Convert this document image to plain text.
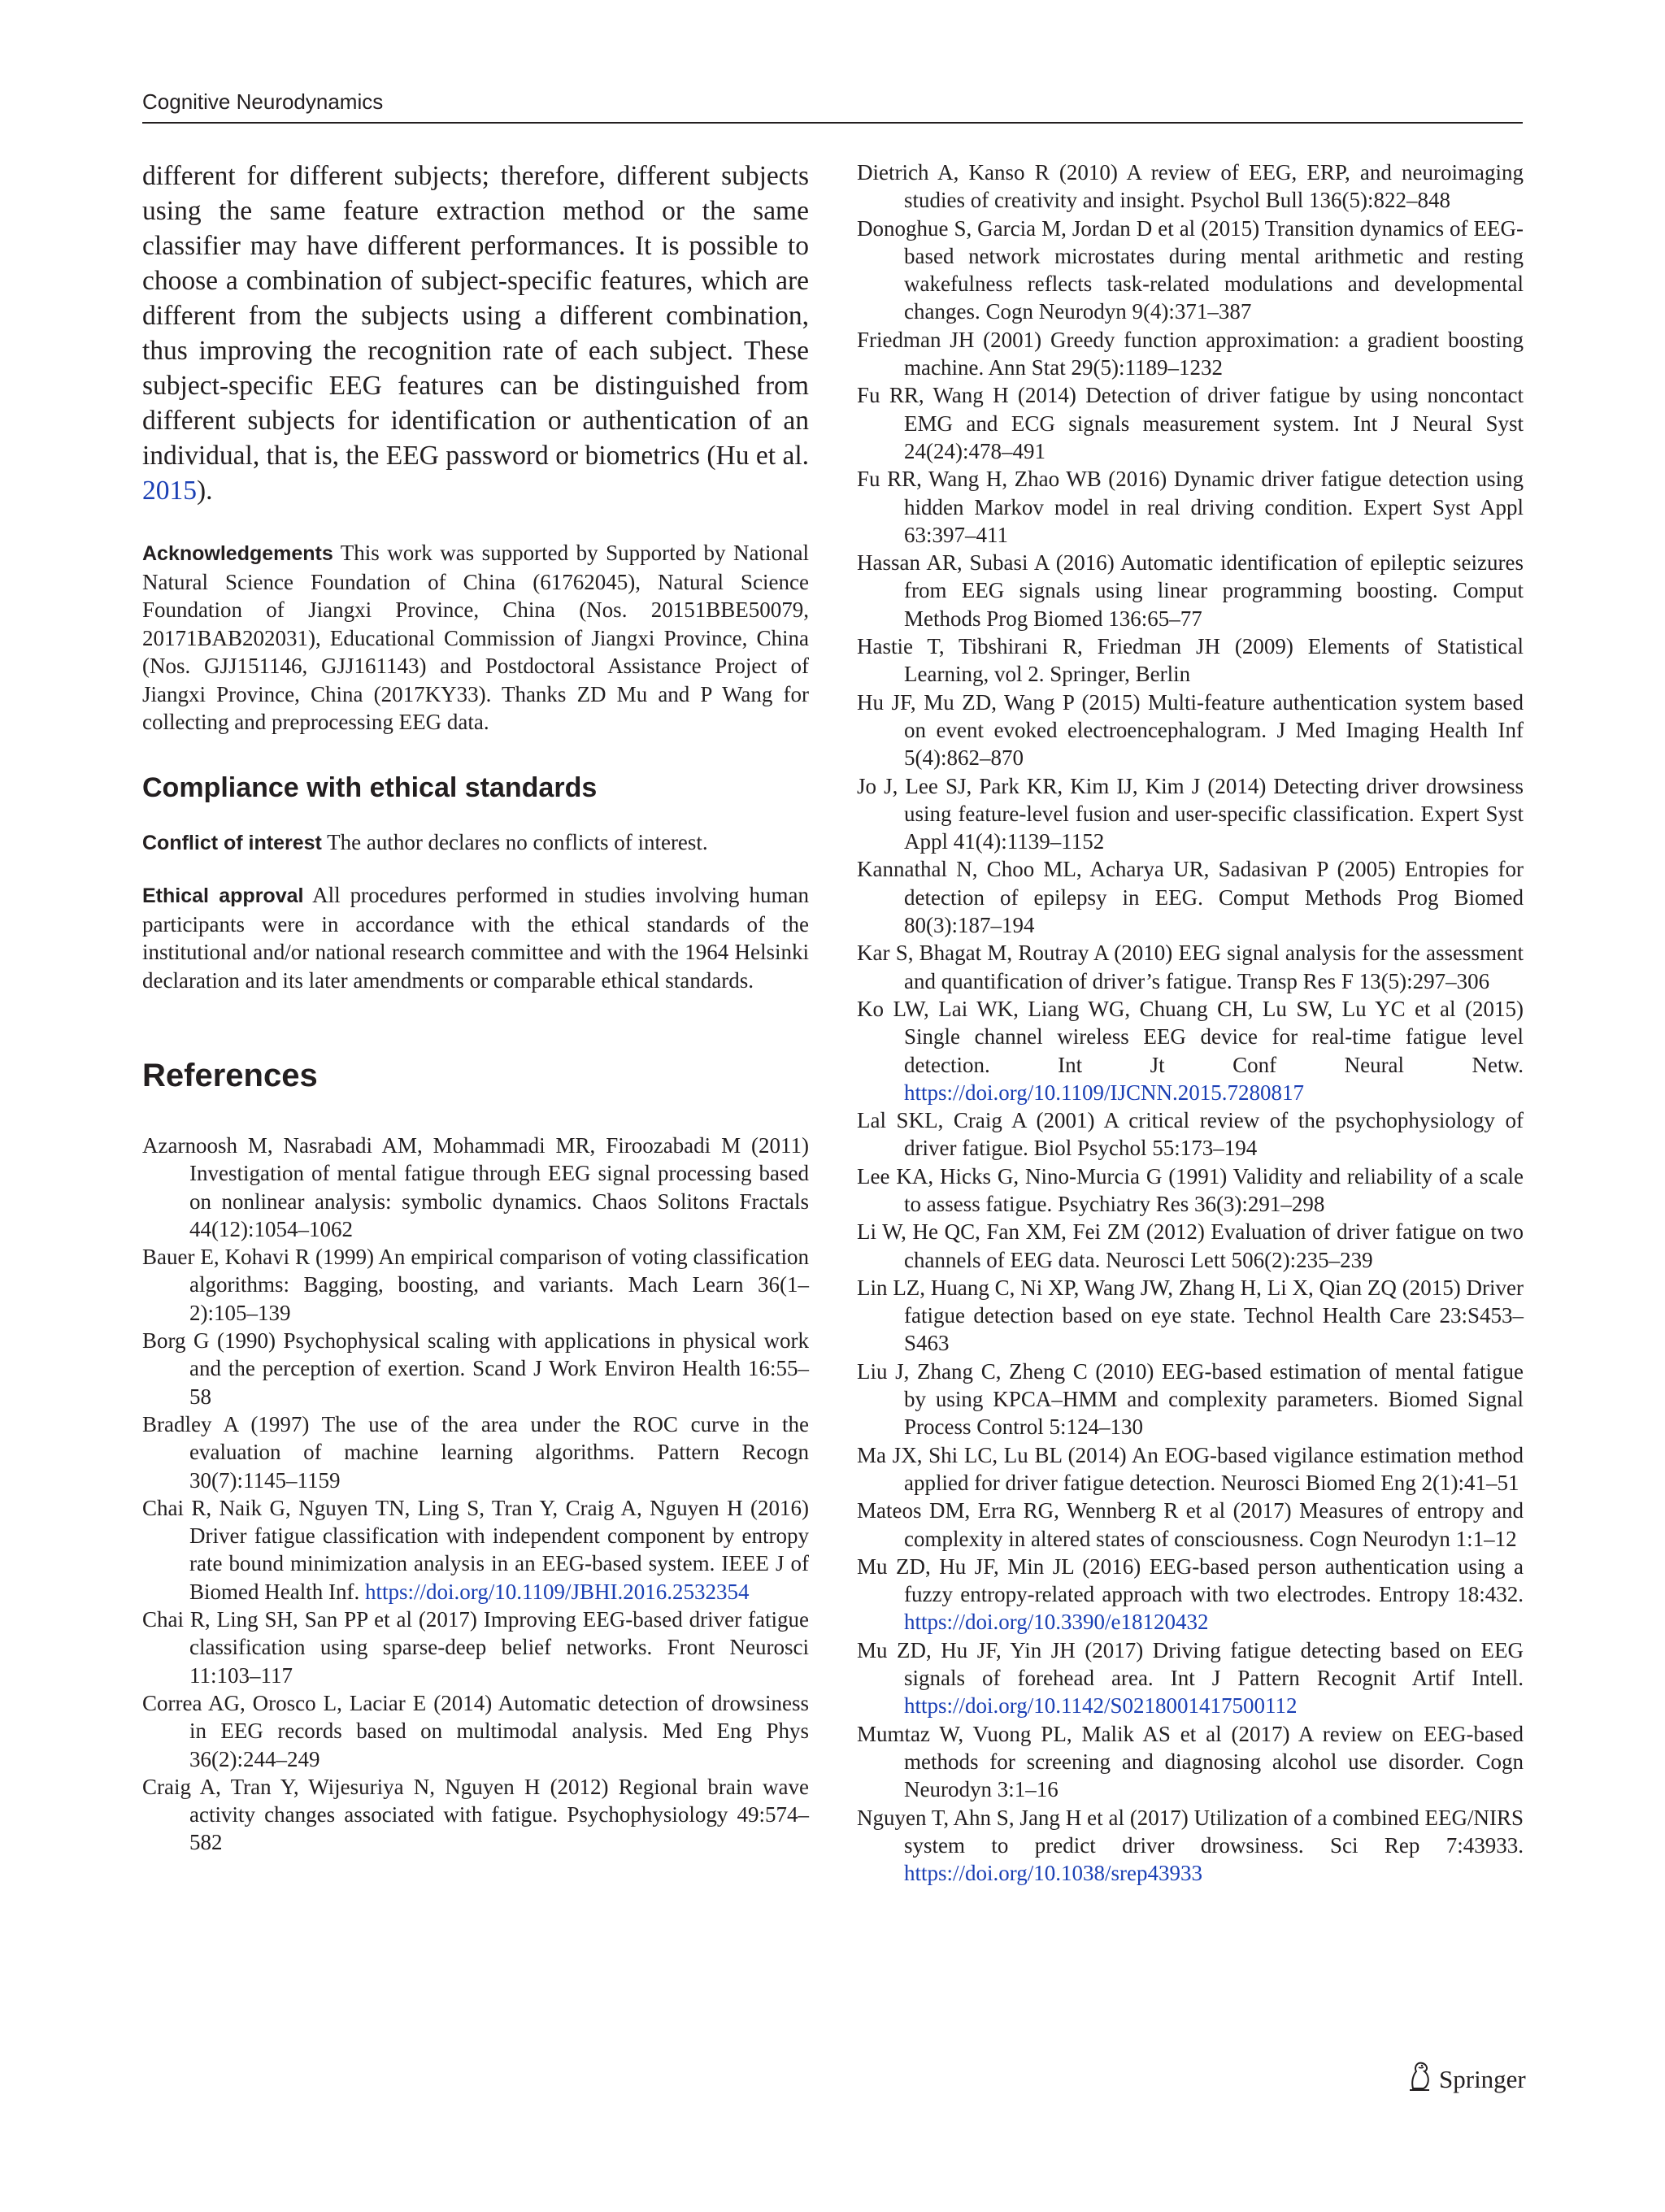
Cognitive Neurodynamics

different for different subjects; therefore, different subjects using the same feature extraction method or the same classifier may have different performances. It is possible to choose a combination of subject-specific features, which are different from the subjects using a different combination, thus improving the recognition rate of each subject. These subject-specific EEG features can be distinguished from different subjects for identification or authentication of an individual, that is, the EEG password or biometrics (Hu et al. 2015).

Acknowledgements This work was supported by Supported by National Natural Science Foundation of China (61762045), Natural Science Foundation of Jiangxi Province, China (Nos. 20151BBE50079, 20171BAB202031), Educational Commission of Jiangxi Province, China (Nos. GJJ151146, GJJ161143) and Postdoctoral Assistance Project of Jiangxi Province, China (2017KY33). Thanks ZD Mu and P Wang for collecting and preprocessing EEG data.

Compliance with ethical standards

Conflict of interest The author declares no conflicts of interest.

Ethical approval All procedures performed in studies involving human participants were in accordance with the ethical standards of the institutional and/or national research committee and with the 1964 Helsinki declaration and its later amendments or comparable ethical standards.

References

Azarnoosh M, Nasrabadi AM, Mohammadi MR, Firoozabadi M (2011) Investigation of mental fatigue through EEG signal processing based on nonlinear analysis: symbolic dynamics. Chaos Solitons Fractals 44(12):1054–1062

Bauer E, Kohavi R (1999) An empirical comparison of voting classification algorithms: Bagging, boosting, and variants. Mach Learn 36(1–2):105–139

Borg G (1990) Psychophysical scaling with applications in physical work and the perception of exertion. Scand J Work Environ Health 16:55–58

Bradley A (1997) The use of the area under the ROC curve in the evaluation of machine learning algorithms. Pattern Recogn 30(7):1145–1159

Chai R, Naik G, Nguyen TN, Ling S, Tran Y, Craig A, Nguyen H (2016) Driver fatigue classification with independent component by entropy rate bound minimization analysis in an EEG-based system. IEEE J of Biomed Health Inf. https://doi.org/10.1109/JBHI.2016.2532354

Chai R, Ling SH, San PP et al (2017) Improving EEG-based driver fatigue classification using sparse-deep belief networks. Front Neurosci 11:103–117

Correa AG, Orosco L, Laciar E (2014) Automatic detection of drowsiness in EEG records based on multimodal analysis. Med Eng Phys 36(2):244–249

Craig A, Tran Y, Wijesuriya N, Nguyen H (2012) Regional brain wave activity changes associated with fatigue. Psychophysiology 49:574–582

Dietrich A, Kanso R (2010) A review of EEG, ERP, and neuroimaging studies of creativity and insight. Psychol Bull 136(5):822–848

Donoghue S, Garcia M, Jordan D et al (2015) Transition dynamics of EEG-based network microstates during mental arithmetic and resting wakefulness reflects task-related modulations and developmental changes. Cogn Neurodyn 9(4):371–387

Friedman JH (2001) Greedy function approximation: a gradient boosting machine. Ann Stat 29(5):1189–1232

Fu RR, Wang H (2014) Detection of driver fatigue by using noncontact EMG and ECG signals measurement system. Int J Neural Syst 24(24):478–491

Fu RR, Wang H, Zhao WB (2016) Dynamic driver fatigue detection using hidden Markov model in real driving condition. Expert Syst Appl 63:397–411

Hassan AR, Subasi A (2016) Automatic identification of epileptic seizures from EEG signals using linear programming boosting. Comput Methods Prog Biomed 136:65–77

Hastie T, Tibshirani R, Friedman JH (2009) Elements of Statistical Learning, vol 2. Springer, Berlin

Hu JF, Mu ZD, Wang P (2015) Multi-feature authentication system based on event evoked electroencephalogram. J Med Imaging Health Inf 5(4):862–870

Jo J, Lee SJ, Park KR, Kim IJ, Kim J (2014) Detecting driver drowsiness using feature-level fusion and user-specific classification. Expert Syst Appl 41(4):1139–1152

Kannathal N, Choo ML, Acharya UR, Sadasivan P (2005) Entropies for detection of epilepsy in EEG. Comput Methods Prog Biomed 80(3):187–194

Kar S, Bhagat M, Routray A (2010) EEG signal analysis for the assessment and quantification of driver’s fatigue. Transp Res F 13(5):297–306

Ko LW, Lai WK, Liang WG, Chuang CH, Lu SW, Lu YC et al (2015) Single channel wireless EEG device for real-time fatigue level detection. Int Jt Conf Neural Netw. https://doi.org/10.1109/IJCNN.2015.7280817

Lal SKL, Craig A (2001) A critical review of the psychophysiology of driver fatigue. Biol Psychol 55:173–194

Lee KA, Hicks G, Nino-Murcia G (1991) Validity and reliability of a scale to assess fatigue. Psychiatry Res 36(3):291–298

Li W, He QC, Fan XM, Fei ZM (2012) Evaluation of driver fatigue on two channels of EEG data. Neurosci Lett 506(2):235–239

Lin LZ, Huang C, Ni XP, Wang JW, Zhang H, Li X, Qian ZQ (2015) Driver fatigue detection based on eye state. Technol Health Care 23:S453–S463

Liu J, Zhang C, Zheng C (2010) EEG-based estimation of mental fatigue by using KPCA–HMM and complexity parameters. Biomed Signal Process Control 5:124–130

Ma JX, Shi LC, Lu BL (2014) An EOG-based vigilance estimation method applied for driver fatigue detection. Neurosci Biomed Eng 2(1):41–51

Mateos DM, Erra RG, Wennberg R et al (2017) Measures of entropy and complexity in altered states of consciousness. Cogn Neurodyn 1:1–12

Mu ZD, Hu JF, Min JL (2016) EEG-based person authentication using a fuzzy entropy-related approach with two electrodes. Entropy 18:432. https://doi.org/10.3390/e18120432

Mu ZD, Hu JF, Yin JH (2017) Driving fatigue detecting based on EEG signals of forehead area. Int J Pattern Recognit Artif Intell. https://doi.org/10.1142/S0218001417500112

Mumtaz W, Vuong PL, Malik AS et al (2017) A review on EEG-based methods for screening and diagnosing alcohol use disorder. Cogn Neurodyn 3:1–16

Nguyen T, Ahn S, Jang H et al (2017) Utilization of a combined EEG/NIRS system to predict driver drowsiness. Sci Rep 7:43933. https://doi.org/10.1038/srep43933

Springer
